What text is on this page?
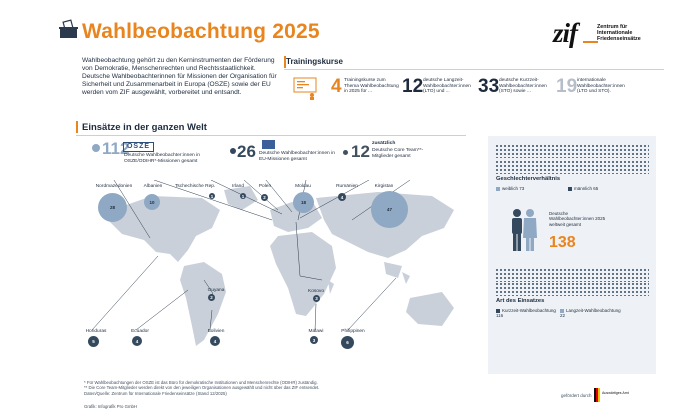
Wahlbeobachtung 2025
Wahlbeobachtung gehört zu den Kerninstrumenten der Förderung von Demokratie, Menschenrechten und Rechtsstaatlichkeit. Deutsche Wahlbeobachterinnen für Missionen der Organisation für Sicherheit und Zusammenarbeit in Europa (OSZE) sowie der EU werden vom ZIF ausgewählt, vorbereitet und entsandt.
zif	Zentrum für Internationale Friedenseinsätze
Trainingskurse
4 Trainingskurse zum Thema Wahlbeobachtung in 2025 für ...	12 deutsche Langzeit-Wahlbeobachter:innen (LTO) und ...	33 deutsche Kurzzeit-Wahlbeobachter:innen (STO) sowie ...	19 internationale Wahlbeobachter:innen (LTO und STO).
Einsätze in der ganzen Welt
112
OSZE
Deutsche Wahlbeobachter:innen in OSZE/ODIHR*-Missionen gesamt
26 Deutsche Wahlbeobachter:innen in EU-Missionen gesamt	12 zusätzlich
Deutsche Core Team**-Mitglieder gesamt
Nordmazedonien
28
Albanien
10
Tschechische Rep.
1
Irland
1
Polen
2
Moldau
18
Rumänien
4
Kirgistan
47
Guyana
2
Kosovo
3
Honduras
5
Ecuador
4
Bolivien
4
Malawi
3
Philippinen
6
Geschlechterverhältnis
weiblich 73	männlich 65
Deutsche Wahlbeobachter:innen 2025 weltweit gesamt
138
Art des Einsatzes
Kurzzeit-Wahlbeobachtung 116
Langzeit-Wahlbeobachtung 22
* Für Wahlbeobachtungen der OSZE ist das Büro für demokratische Institutionen und Menschenrechte (ODIHR) zuständig.
** Die Core Team-Mitglieder werden direkt von den jeweiligen Organisationen ausgewählt und nicht über das ZIF entsendet.
Daten/Quelle: Zentrum für Internationale Friedenseinsätze (Stand 12/2025)
Grafik: Infografik Pro GmbH
gefördert durch	Auswärtiges Amt
